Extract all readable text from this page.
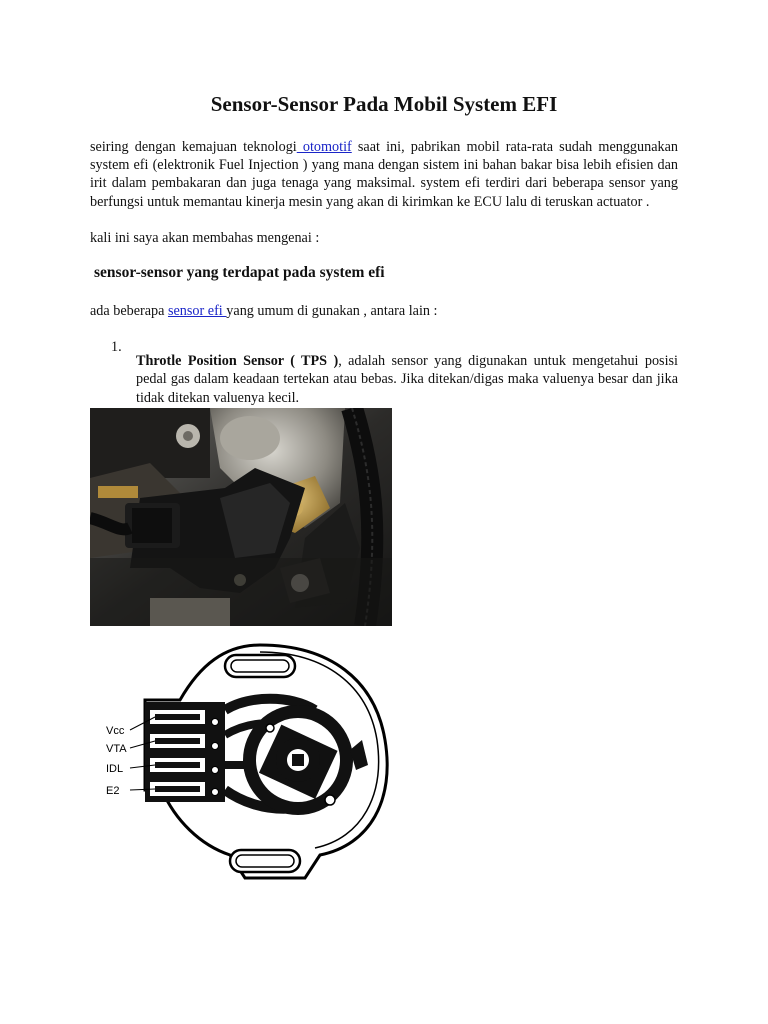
Sensor-Sensor Pada Mobil System EFI

seiring dengan kemajuan teknologi otomotif saat ini, pabrikan mobil rata-rata sudah menggunakan system efi (elektronik Fuel Injection ) yang mana dengan sistem ini bahan bakar bisa lebih efisien dan irit dalam pembakaran dan juga tenaga yang maksimal. system efi terdiri dari beberapa sensor yang berfungsi untuk memantau kinerja mesin yang akan di kirimkan ke ECU lalu di teruskan actuator .

kali ini saya akan membahas mengenai :

sensor-sensor yang terdapat pada system efi

ada beberapa sensor efi yang umum di gunakan , antara lain :

1.

Throtle Position Sensor ( TPS ), adalah sensor yang digunakan untuk mengetahui posisi pedal gas dalam keadaan tertekan atau bebas. Jika ditekan/digas maka valuenya besar dan jika tidak ditekan valuenya kecil.

Vcc
VTA
IDL
E2
